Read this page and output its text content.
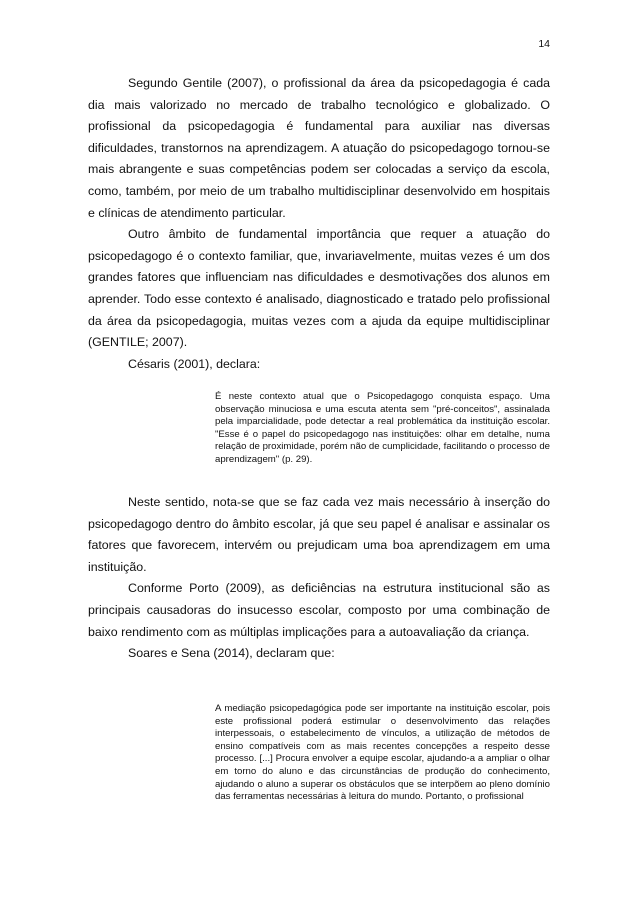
14

Segundo Gentile (2007), o profissional da área da psicopedagogia é cada dia mais valorizado no mercado de trabalho tecnológico e globalizado. O profissional da psicopedagogia é fundamental para auxiliar nas diversas dificuldades, transtornos na aprendizagem. A atuação do psicopedagogo tornou-se mais abrangente e suas competências podem ser colocadas a serviço da escola, como, também, por meio de um trabalho multidisciplinar desenvolvido em hospitais e clínicas de atendimento particular.

Outro âmbito de fundamental importância que requer a atuação do psicopedagogo é o contexto familiar, que, invariavelmente, muitas vezes é um dos grandes fatores que influenciam nas dificuldades e desmotivações dos alunos em aprender. Todo esse contexto é analisado, diagnosticado e tratado pelo profissional da área da psicopedagogia, muitas vezes com a ajuda da equipe multidisciplinar (GENTILE; 2007).

Césaris (2001), declara:

É neste contexto atual que o Psicopedagogo conquista espaço. Uma observação minuciosa e uma escuta atenta sem "pré-conceitos", assinalada pela imparcialidade, pode detectar a real problemática da instituição escolar. "Esse é o papel do psicopedagogo nas instituições: olhar em detalhe, numa relação de proximidade, porém não de cumplicidade, facilitando o processo de aprendizagem" (p. 29).

Neste sentido, nota-se que se faz cada vez mais necessário à inserção do psicopedagogo dentro do âmbito escolar, já que seu papel é analisar e assinalar os fatores que favorecem, intervém ou prejudicam uma boa aprendizagem em uma instituição.

Conforme Porto (2009), as deficiências na estrutura institucional são as principais causadoras do insucesso escolar, composto por uma combinação de baixo rendimento com as múltiplas implicações para a autoavaliação da criança.

Soares e Sena (2014), declaram que:

A mediação psicopedagógica pode ser importante na instituição escolar, pois este profissional poderá estimular o desenvolvimento das relações interpessoais, o estabelecimento de vínculos, a utilização de métodos de ensino compatíveis com as mais recentes concepções a respeito desse processo. [...] Procura envolver a equipe escolar, ajudando-a a ampliar o olhar em torno do aluno e das circunstâncias de produção do conhecimento, ajudando o aluno a superar os obstáculos que se interpõem ao pleno domínio das ferramentas necessárias à leitura do mundo. Portanto, o profissional
